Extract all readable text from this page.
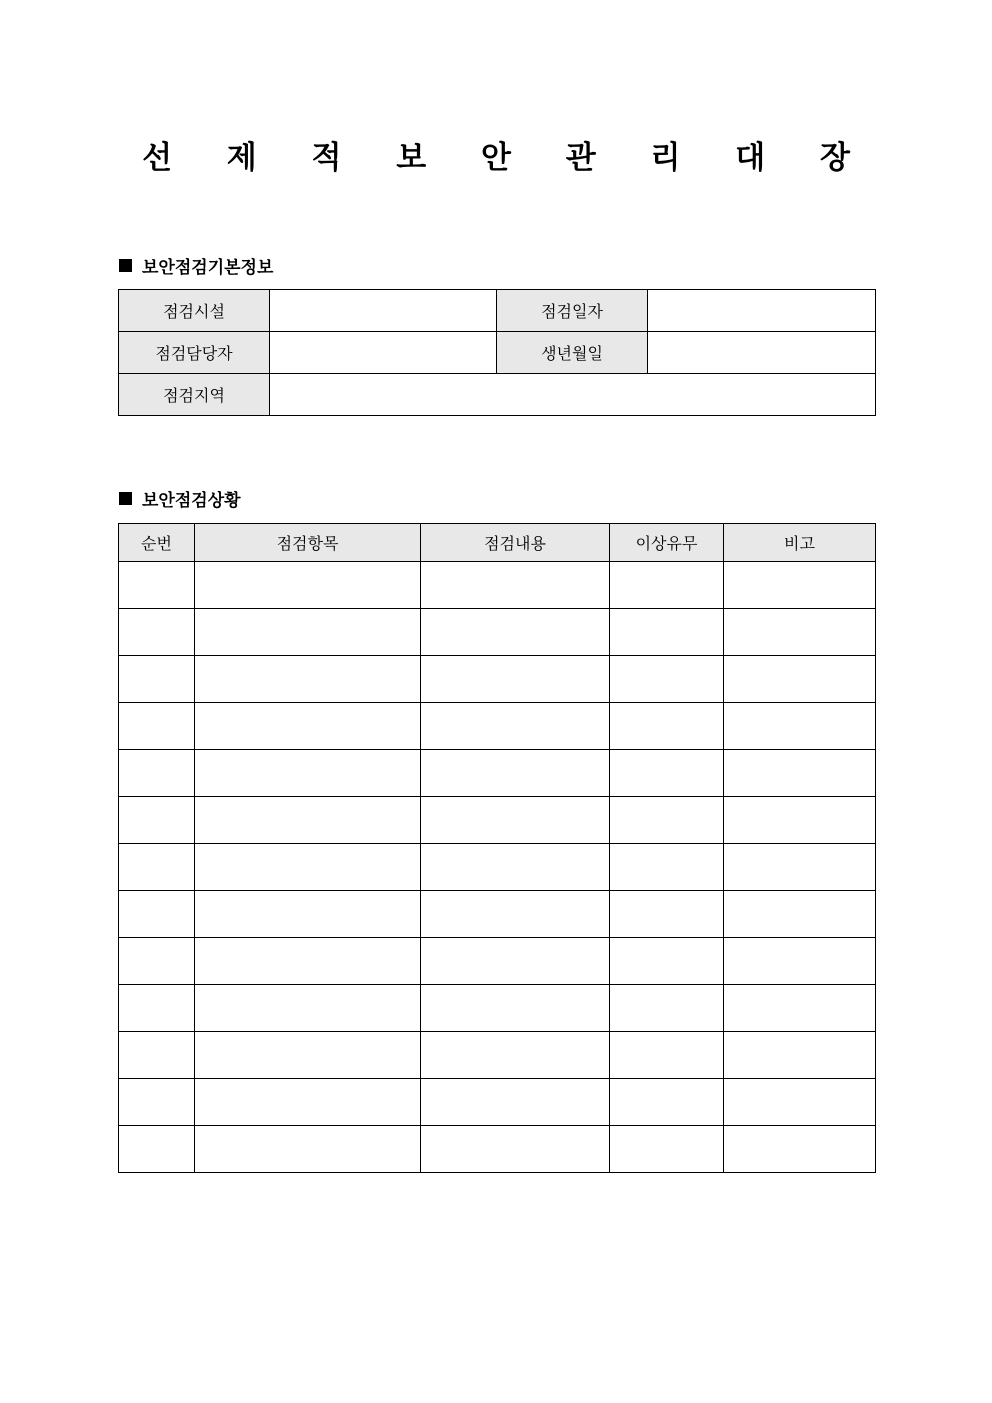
선 제 적 보 안 관 리 대 장
보안점검기본정보
점검시설		점검일자	
점검담당자		생년월일	
점검지역			
보안점검상황
순번	점검항목	점검내용	이상유무	비고
